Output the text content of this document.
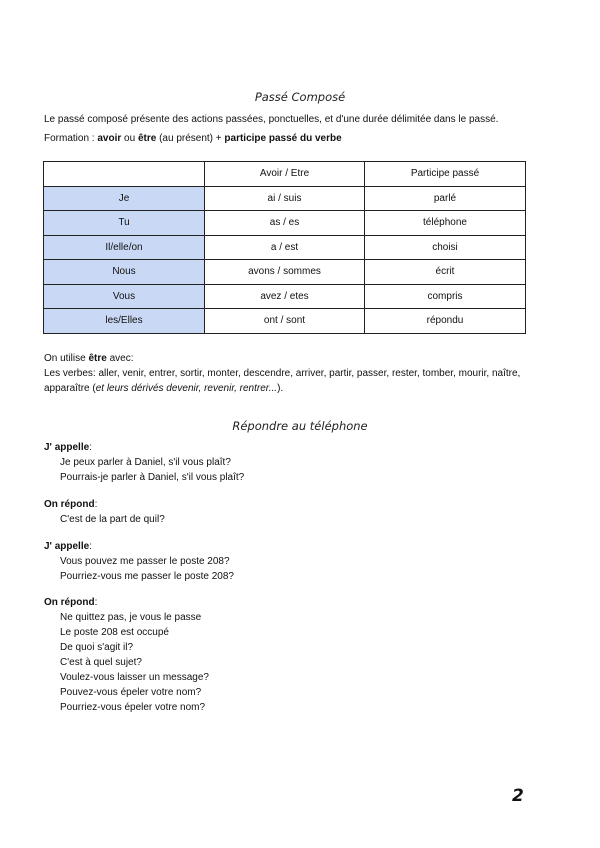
Passé Composé
Le passé composé présente des actions passées, ponctuelles, et d'une durée délimitée dans le passé.
Formation : avoir ou être (au présent) + participe passé du verbe
	Avoir / Etre	Participe passé
Je	ai / suis	parlé
Tu	as / es	téléphone
Il/elle/on	a / est	choisi
Nous	avons / sommes	écrit
Vous	avez / etes	compris
les/Elles	ont / sont	répondu
On utilise être avec:
Les verbes: aller, venir, entrer, sortir, monter, descendre, arriver, partir, passer, rester, tomber, mourir, naître,
apparaître (et leurs dérivés devenir, revenir, rentrer...).
Répondre au téléphone
J' appelle:
Je peux parler à Daniel, s'il vous plaît?
Pourrais-je parler à Daniel, s'il vous plaît?
On répond:
C'est de la part de quil?
J' appelle:
Vous pouvez me passer le poste 208?
Pourriez-vous me passer le poste 208?
On répond:
Ne quittez pas, je vous le passe
Le poste 208 est occupé
De quoi s'agit il?
C'est à quel sujet?
Voulez-vous laisser un message?
Pouvez-vous épeler votre nom?
Pourriez-vous épeler votre nom?
2
